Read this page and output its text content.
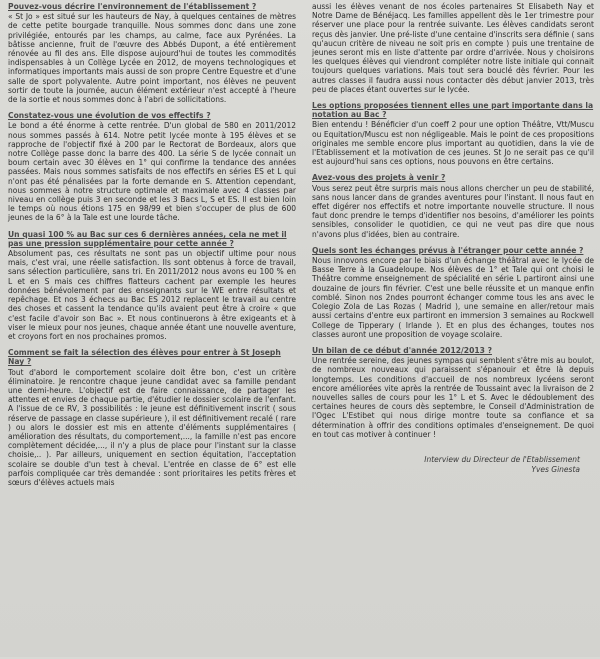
Pouvez-vous décrire l'environnement de l'établissement ?

« St Jo » est situé sur les hauteurs de Nay, à quelques centaines de mètres de cette petite bourgade tranquille. Nous sommes donc dans une zone privilégiée, entourés par les champs, au calme, face aux Pyrénées. La bâtisse ancienne, fruit de l'œuvre des Abbés Dupont, a été entièrement rénovée au fil des ans. Elle dispose aujourd'hui de toutes les commodités indispensables à un Collège Lycée en 2012, de moyens technologiques et informatiques importants mais aussi de son propre Centre Equestre et d'une salle de sport polyvalente. Autre point important, nos élèves ne peuvent sortir de toute la journée, aucun élément extérieur n'est accepté à l'heure de la sortie et nous sommes donc à l'abri de sollicitations.

Constatez-vous une évolution de vos effectifs ?

Le bond a été énorme à cette rentrée. D'un global de 580 en 2011/2012 nous sommes passés à 614. Notre petit lycée monte à 195 élèves et se rapproche de l'objectif fixé à 200 par le Rectorat de Bordeaux, alors que notre Collège passe donc la barre des 400. La série S de lycée connait un boum certain avec 30 élèves en 1° qui confirme la tendance des années passées. Mais nous sommes satisfaits de nos effectifs en séries ES et L qui n'ont pas été pénalisées par la forte demande en S. Attention cependant, nous sommes à notre structure optimale et maximale avec 4 classes par niveau en collège puis 3 en seconde et les 3 Bacs L, S et ES. Il est bien loin le temps où nous étions 175 en 98/99 et bien s'occuper de plus de 600 jeunes de la 6° à la Tale est une lourde tâche.

Un quasi 100 % au Bac sur ces 6 dernières années, cela ne met il pas une pression supplémentaire pour cette année ?

Absolument pas, ces résultats ne sont pas un objectif ultime pour nous mais, c'est vrai, une réelle satisfaction. Ils sont obtenus à force de travail, sans sélection particulière, sans tri. En 2011/2012 nous avons eu 100 % en L et en S mais ces chiffres flatteurs cachent par exemple les heures données bénévolement par des enseignants sur le WE entre résultats et repêchage. Et nos 3 échecs au Bac ES 2012 replacent le travail au centre des choses et cassent la tendance qu'ils avaient peut être à croire « que c'est facile d'avoir son Bac ». Et nous continuerons à être exigeants et à viser le mieux pour nos jeunes, chaque année étant une nouvelle aventure, et croyons fort en nos prochaines promos.

Comment se fait la sélection des élèves pour entrer à St Joseph Nay ?

Tout d'abord le comportement scolaire doit être bon, c'est un critère éliminatoire. Je rencontre chaque jeune candidat avec sa famille pendant une demi-heure. L'objectif est de faire connaissance, de partager les attentes et envies de chaque partie, d'étudier le dossier scolaire de l'enfant. A l'issue de ce RV, 3 possibilités : le jeune est définitivement inscrit ( sous réserve de passage en classe supérieure ), il est définitivement recalé ( rare ) ou alors le dossier est mis en attente d'éléments supplémentaires ( amélioration des résultats, du comportement,..., la famille n'est pas encore complètement décidée,..., il n'y a plus de place pour l'instant sur la classe choisie,.. ). Par ailleurs, uniquement en section équitation, l'acceptation scolaire se double d'un test à cheval. L'entrée en classe de 6° est elle parfois compliquée car très demandée : sont prioritaires les petits frères et sœurs d'élèves actuels mais

aussi les élèves venant de nos écoles partenaires St Elisabeth Nay et Notre Dame de Bénéjacq. Les familles appellent dès le 1er trimestre pour réserver une place pour la rentrée suivante. Les élèves candidats seront reçus dès janvier. Une pré-liste d'une centaine d'inscrits sera définie ( sans qu'aucun critère de niveau ne soit pris en compte ) puis une trentaine de jeunes seront mis en liste d'attente par ordre d'arrivée. Nous y choisirons les quelques élèves qui viendront compléter notre liste initiale qui connait toujours quelques variations. Mais tout sera bouclé dès février. Pour les autres classes il faudra aussi nous contacter dès début janvier 2013, très peu de places étant ouvertes sur le lycée.

Les options proposées tiennent elles une part importante dans la notation au Bac ?

Bien entendu ! Bénéficier d'un coeff 2 pour une option Théâtre, Vtt/Muscu ou Equitation/Muscu est non négligeable. Mais le point de ces propositions originales me semble encore plus important au quotidien, dans la vie de l'Etablissement et la motivation de ces jeunes. St Jo ne serait pas ce qu'il est aujourd'hui sans ces options, nous pouvons en être certains.

Avez-vous des projets à venir ?

Vous serez peut être surpris mais nous allons chercher un peu de stabilité, sans nous lancer dans de grandes aventures pour l'instant. Il nous faut en effet digérer nos effectifs et notre importante nouvelle structure. Il nous faut donc prendre le temps d'identifier nos besoins, d'améliorer les points sensibles, consolider le quotidien, ce qui ne veut pas dire que nous n'avons plus d'idées, bien au contraire.

Quels sont les échanges prévus à l'étranger pour cette année ?

Nous innovons encore par le biais d'un échange théâtral avec le lycée de Basse Terre à la Guadeloupe. Nos élèves de 1° et Tale qui ont choisi le Théâtre comme enseignement de spécialité en série L partiront ainsi une douzaine de jours fin février. C'est une belle réussite et un manque enfin comblé. Sinon nos 2ndes pourront échanger comme tous les ans avec le Colegio Zola de Las Rozas ( Madrid ), une semaine en aller/retour mais aussi certains d'entre eux partiront en immersion 3 semaines au Rockwell College de Tipperary ( Irlande ). Et en plus des échanges, toutes nos classes auront une proposition de voyage scolaire.

Un bilan de ce début d'année 2012/2013 ?

Une rentrée sereine, des jeunes sympas qui semblent s'être mis au boulot, de nombreux nouveaux qui paraissent s'épanouir et être là depuis longtemps. Les conditions d'accueil de nos nombreux lycéens seront encore améliorées vite après la rentrée de Toussaint avec la livraison de 2 nouvelles salles de cours pour les 1° L et S. Avec le dédoublement des certaines heures de cours dès septembre, le Conseil d'Administration de l'Ogec L'Estibet qui nous dirige montre toute sa confiance et sa détermination à offrir des conditions optimales d'enseignement. De quoi en tout cas motiver à continuer !

Interview du Directeur de l'Etablissement
Yves Ginesta
